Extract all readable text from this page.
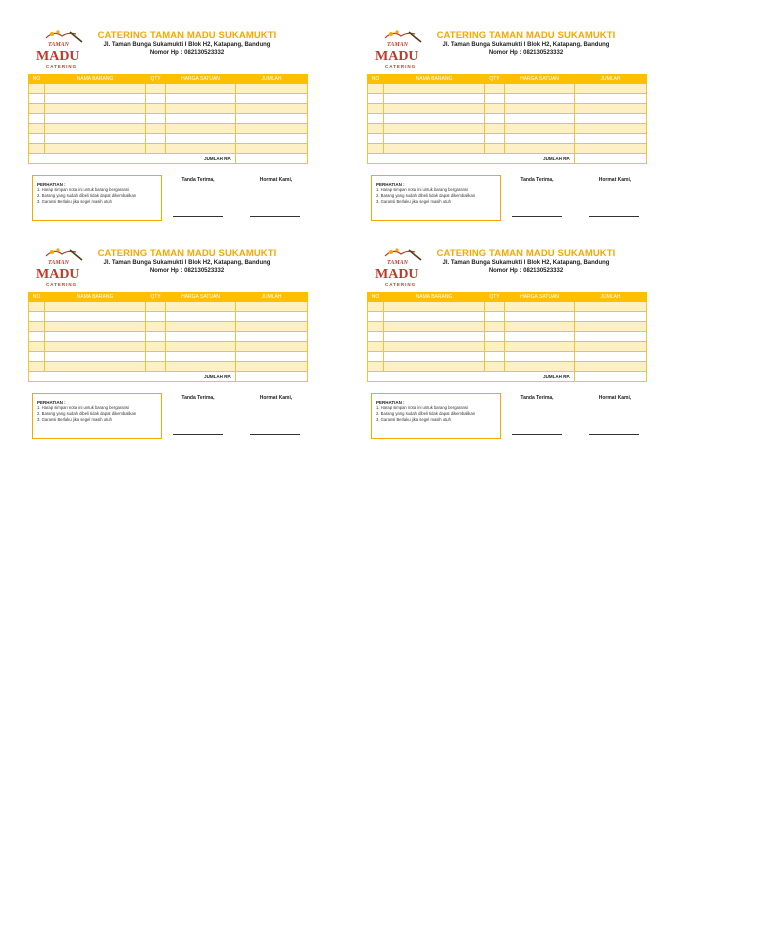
TAMAN
MADU
CATERING
CATERING TAMAN MADU SUKAMUKTI
Jl. Taman Bunga Sukamukti I Blok H2, Katapang, Bandung
Nomor Hp : 082130523332
NO	NAMA BARANG	QTY	HARGA SATUAN	JUMLAH

JUMLAH RP.				
PERHATIAN :
1. Harap simpan nota ini untuk barang bergaransi
2. Barang yang sudah dibeli tidak dapat dikembalikan
3. Garansi Berlaku jika segel masih utuh
Tanda Terima,	Hormat Kami,
TAMAN
MADU
CATERING
CATERING TAMAN MADU SUKAMUKTI
Jl. Taman Bunga Sukamukti I Blok H2, Katapang, Bandung
Nomor Hp : 082130523332
NO	NAMA BARANG	QTY	HARGA SATUAN	JUMLAH

JUMLAH RP.				
PERHATIAN :
1. Harap simpan nota ini untuk barang bergaransi
2. Barang yang sudah dibeli tidak dapat dikembalikan
3. Garansi Berlaku jika segel masih utuh
Tanda Terima,	Hormat Kami,
TAMAN
MADU
CATERING
CATERING TAMAN MADU SUKAMUKTI
Jl. Taman Bunga Sukamukti I Blok H2, Katapang, Bandung
Nomor Hp : 082130523332
NO	NAMA BARANG	QTY	HARGA SATUAN	JUMLAH

JUMLAH RP.				
PERHATIAN :
1. Harap simpan nota ini untuk barang bergaransi
2. Barang yang sudah dibeli tidak dapat dikembalikan
3. Garansi Berlaku jika segel masih utuh
Tanda Terima,	Hormat Kami,
TAMAN
MADU
CATERING
CATERING TAMAN MADU SUKAMUKTI
Jl. Taman Bunga Sukamukti I Blok H2, Katapang, Bandung
Nomor Hp : 082130523332
NO	NAMA BARANG	QTY	HARGA SATUAN	JUMLAH

JUMLAH RP.				
PERHATIAN :
1. Harap simpan nota ini untuk barang bergaransi
2. Barang yang sudah dibeli tidak dapat dikembalikan
3. Garansi Berlaku jika segel masih utuh
Tanda Terima,	Hormat Kami,
